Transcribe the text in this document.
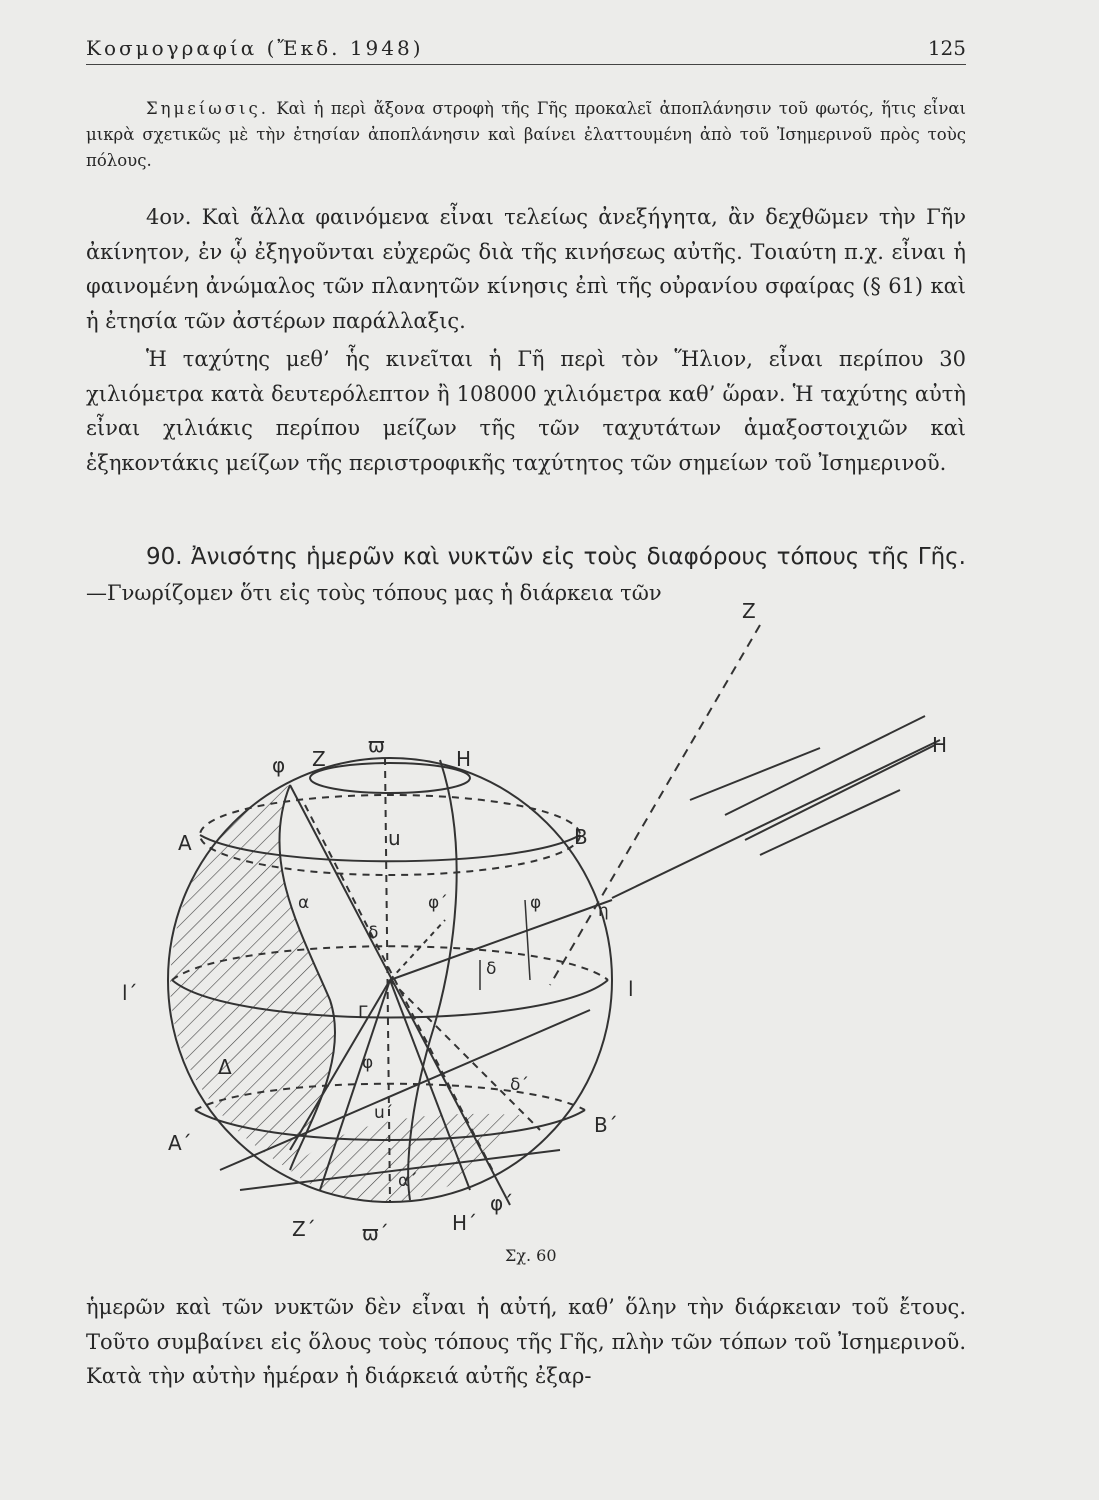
Κοσμογραφία (Ἔκδ. 1948)	125
Σημείωσις. Καὶ ἡ περὶ ἄξονα στροφὴ τῆς Γῆς προκαλεῖ ἀποπλάνησιν τοῦ φωτός, ἥτις εἶναι μικρὰ σχετικῶς μὲ τὴν ἐτησίαν ἀποπλάνησιν καὶ βαίνει ἐλαττουμένη ἀπὸ τοῦ Ἰσημερινοῦ πρὸς τοὺς πόλους.
4ον. Καὶ ἄλλα φαινόμενα εἶναι τελείως ἀνεξήγητα, ἂν δεχθῶμεν τὴν Γῆν ἀκίνητον, ἐν ᾧ ἐξηγοῦνται εὐχερῶς διὰ τῆς κινήσεως αὐτῆς. Τοιαύτη π.χ. εἶναι ἡ φαινομένη ἀνώμαλος τῶν πλανητῶν κίνησις ἐπὶ τῆς οὐρανίου σφαίρας (§ 61) καὶ ἡ ἐτησία τῶν ἀστέρων παράλλαξις.
Ἡ ταχύτης μεθ’ ἧς κινεῖται ἡ Γῆ περὶ τὸν Ἥλιον, εἶναι περίπου 30 χιλιόμετρα κατὰ δευτερόλεπτον ἢ 108000 χιλιόμετρα καθ’ ὥραν. Ἡ ταχύτης αὐτὴ εἶναι χιλιάκις περίπου μείζων τῆς τῶν ταχυτάτων ἁμαξοστοιχιῶν καὶ ἑξηκοντάκις μείζων τῆς περιστροφικῆς ταχύτητος τῶν σημείων τοῦ Ἰσημερινοῦ.
90. Ἀνισότης ἡμερῶν καὶ νυκτῶν εἰς τοὺς διαφόρους τόπους τῆς Γῆς.—Γνωρίζομεν ὅτι εἰς τοὺς τόπους μας ἡ διάρκεια τῶν
φ Z
ϖ
H
A	u	B
α
δ
φ΄	φ	η
δ
l΄	l
Γ
φ
Δ
δ΄
A΄
B΄
u΄
α΄
Z΄ ϖ΄	H΄
φ΄
Z
H
Σχ. 60
ἡμερῶν καὶ τῶν νυκτῶν δὲν εἶναι ἡ αὐτή, καθ’ ὅλην τὴν διάρκειαν τοῦ ἔτους. Τοῦτο συμβαίνει εἰς ὅλους τοὺς τόπους τῆς Γῆς, πλὴν τῶν τόπων τοῦ Ἰσημερινοῦ. Κατὰ τὴν αὐτὴν ἡμέραν ἡ διάρκειά αὐτῆς ἐξαρ-
